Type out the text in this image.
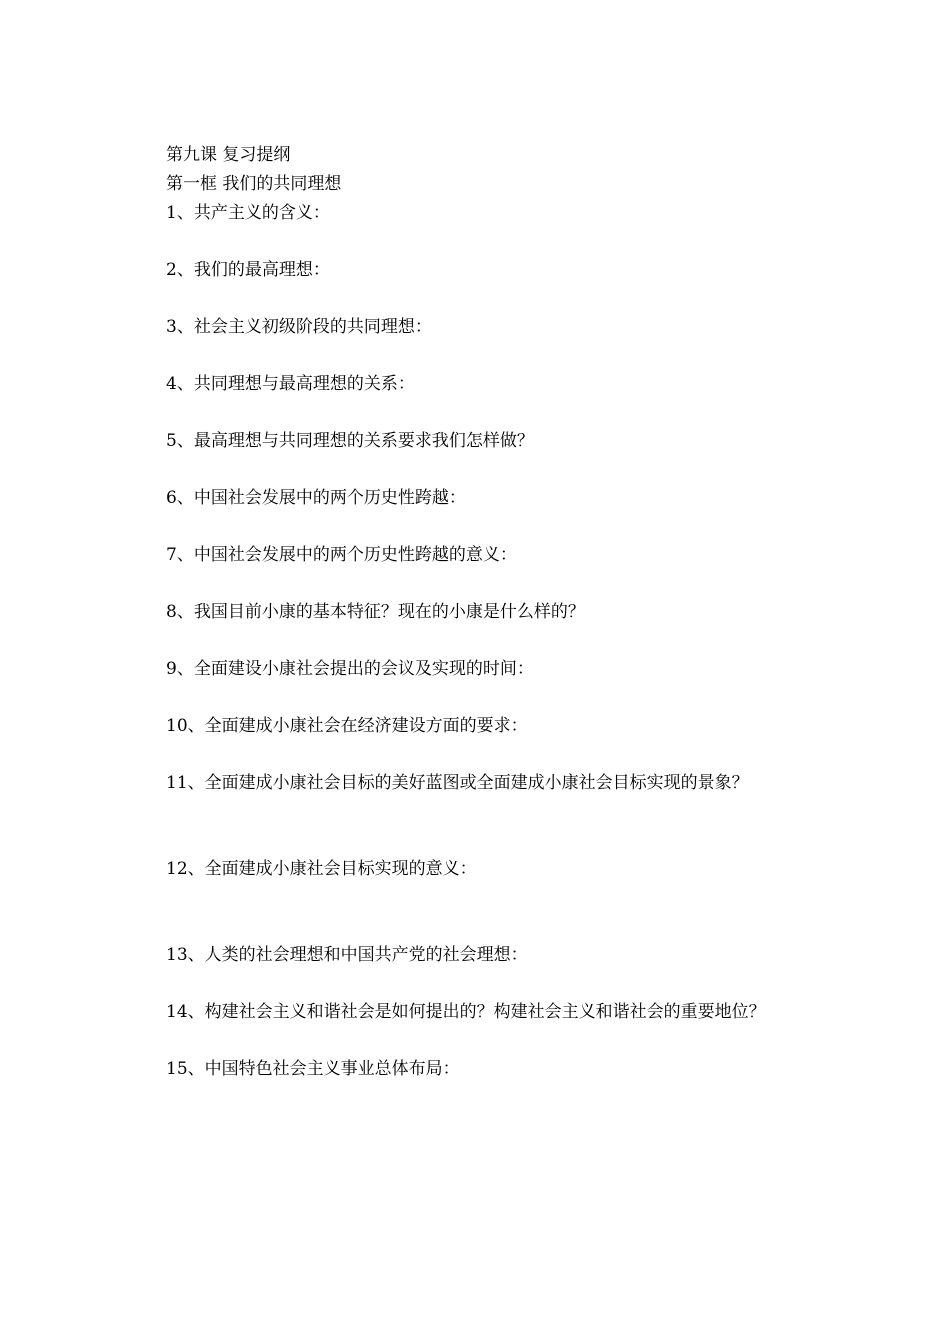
第九课 复习提纲

第一框 我们的共同理想

1、共产主义的含义：

2、我们的最高理想：

3、社会主义初级阶段的共同理想：

4、共同理想与最高理想的关系：

5、最高理想与共同理想的关系要求我们怎样做？

6、中国社会发展中的两个历史性跨越：

7、中国社会发展中的两个历史性跨越的意义：

8、我国目前小康的基本特征？现在的小康是什么样的？

9、全面建设小康社会提出的会议及实现的时间：

10、全面建成小康社会在经济建设方面的要求：

11、全面建成小康社会目标的美好蓝图或全面建成小康社会目标实现的景象？

12、全面建成小康社会目标实现的意义：

13、人类的社会理想和中国共产党的社会理想：

14、构建社会主义和谐社会是如何提出的？构建社会主义和谐社会的重要地位？

15、中国特色社会主义事业总体布局：
